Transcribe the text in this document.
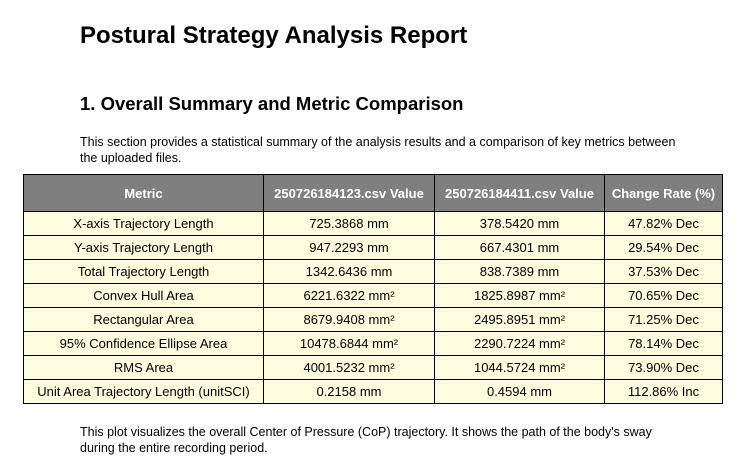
Postural Strategy Analysis Report
1. Overall Summary and Metric Comparison

This section provides a statistical summary of the analysis results and a comparison of key metrics between the uploaded files.

Metric	250726184123.csv Value	250726184411.csv Value	Change Rate (%)
X-axis Trajectory Length	725.3868 mm	378.5420 mm	47.82% Dec
Y-axis Trajectory Length	947.2293 mm	667.4301 mm	29.54% Dec
Total Trajectory Length	1342.6436 mm	838.7389 mm	37.53% Dec
Convex Hull Area	6221.6322 mm²	1825.8987 mm²	70.65% Dec
Rectangular Area	8679.9408 mm²	2495.8951 mm²	71.25% Dec
95% Confidence Ellipse Area	10478.6844 mm²	2290.7224 mm²	78.14% Dec
RMS Area	4001.5232 mm²	1044.5724 mm²	73.90% Dec
Unit Area Trajectory Length (unitSCI)	0.2158 mm	0.4594 mm	112.86% Inc

This plot visualizes the overall Center of Pressure (CoP) trajectory. It shows the path of the body's sway during the entire recording period.
